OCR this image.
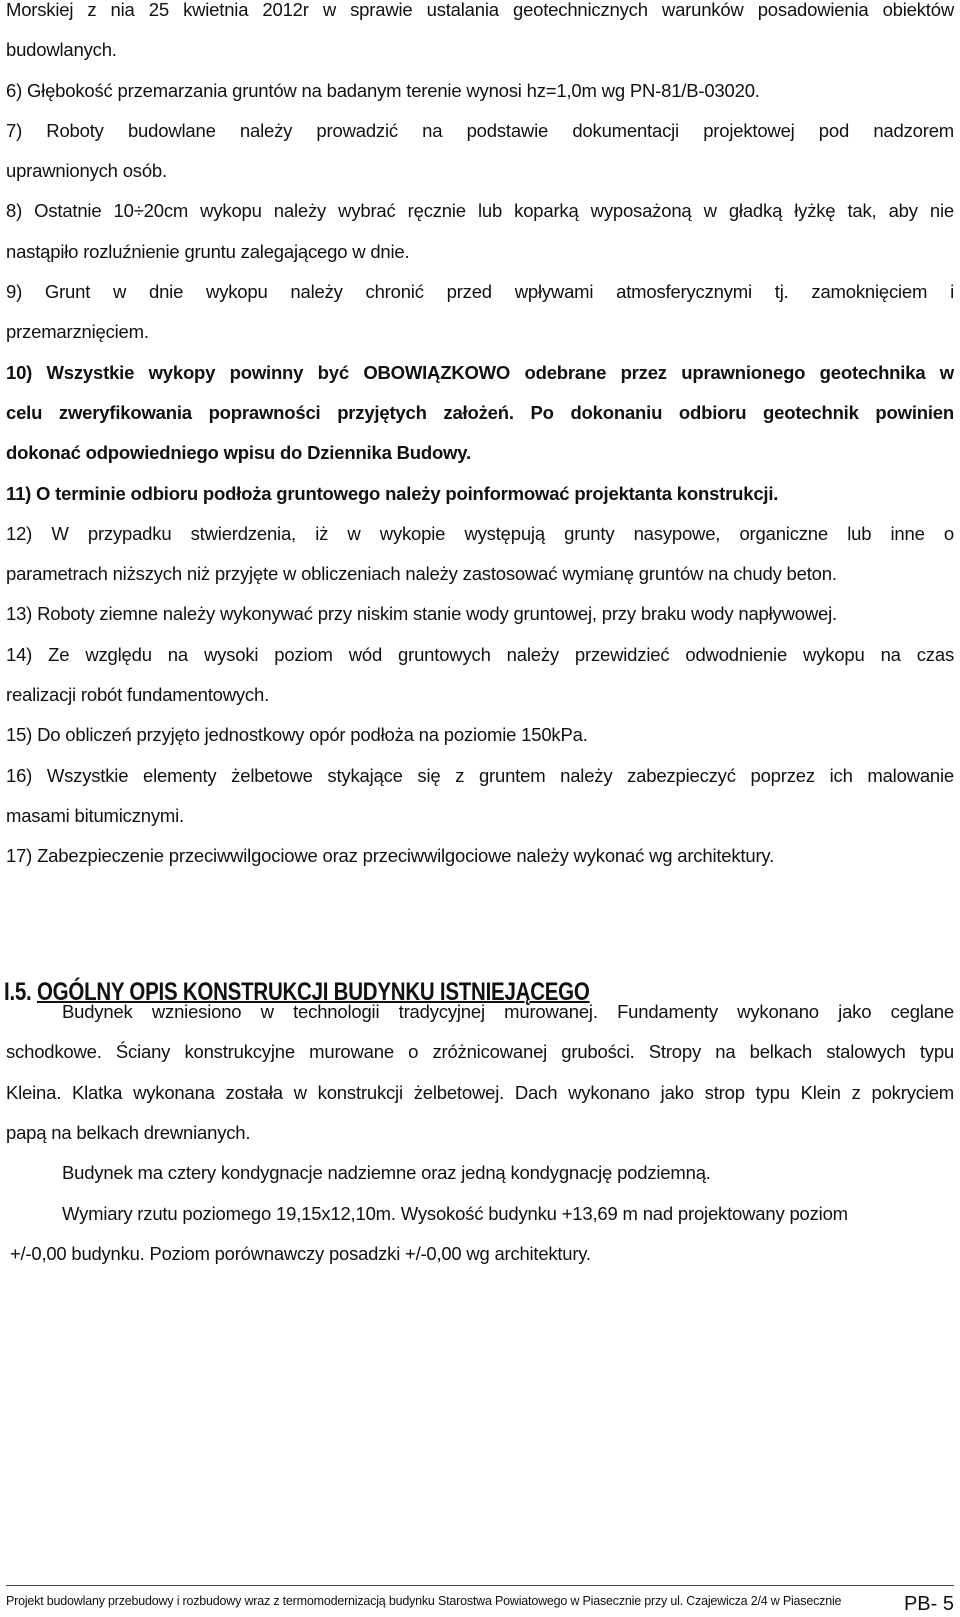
Morskiej z nia 25 kwietnia 2012r w sprawie ustalania geotechnicznych warunków posadowienia obiektów
budowlanych.
6) Głębokość przemarzania gruntów na badanym terenie wynosi hz=1,0m wg PN-81/B-03020.
7) Roboty budowlane należy prowadzić na podstawie dokumentacji projektowej pod nadzorem
uprawnionych osób.
8) Ostatnie 10÷20cm wykopu należy wybrać ręcznie lub koparką wyposażoną w gładką łyżkę tak, aby nie
nastąpiło rozluźnienie gruntu zalegającego w dnie.
9) Grunt w dnie wykopu należy chronić przed wpływami atmosferycznymi tj. zamoknięciem i
przemarznięciem.
10) Wszystkie wykopy powinny być OBOWIĄZKOWO odebrane przez uprawnionego geotechnika w
celu zweryfikowania poprawności przyjętych założeń. Po dokonaniu odbioru geotechnik powinien
dokonać odpowiedniego wpisu do Dziennika Budowy.
11) O terminie odbioru podłoża gruntowego należy poinformować projektanta konstrukcji.
12) W przypadku stwierdzenia, iż w wykopie występują grunty nasypowe, organiczne lub inne o
parametrach niższych niż przyjęte w obliczeniach należy zastosować wymianę gruntów na chudy beton.
13) Roboty ziemne należy wykonywać przy niskim stanie wody gruntowej, przy braku wody napływowej.
14) Ze względu na wysoki poziom wód gruntowych należy przewidzieć odwodnienie wykopu na czas
realizacji robót fundamentowych.
15) Do obliczeń przyjęto jednostkowy opór podłoża na poziomie 150kPa.
16) Wszystkie elementy żelbetowe stykające się z gruntem należy zabezpieczyć poprzez ich malowanie
masami bitumicznymi.
17) Zabezpieczenie przeciwwilgociowe oraz przeciwwilgociowe należy wykonać wg architektury.
I.5. OGÓLNY OPIS KONSTRUKCJI BUDYNKU ISTNIEJĄCEGO
Budynek wzniesiono w technologii tradycyjnej murowanej. Fundamenty wykonano jako ceglane
schodkowe. Ściany konstrukcyjne murowane o zróżnicowanej grubości. Stropy na belkach stalowych typu
Kleina. Klatka wykonana została w konstrukcji żelbetowej. Dach wykonano jako strop typu Klein z pokryciem
papą na belkach drewnianych.
Budynek ma cztery kondygnacje nadziemne oraz jedną kondygnację podziemną.
Wymiary rzutu poziomego 19,15x12,10m. Wysokość budynku +13,69 m nad projektowany poziom
+/-0,00 budynku. Poziom porównawczy posadzki +/-0,00 wg architektury.
Projekt budowlany przebudowy i rozbudowy wraz z termomodernizacją budynku Starostwa Powiatowego w Piasecznie przy ul. Czajewicza 2/4 w Piasecznie	PB- 5
